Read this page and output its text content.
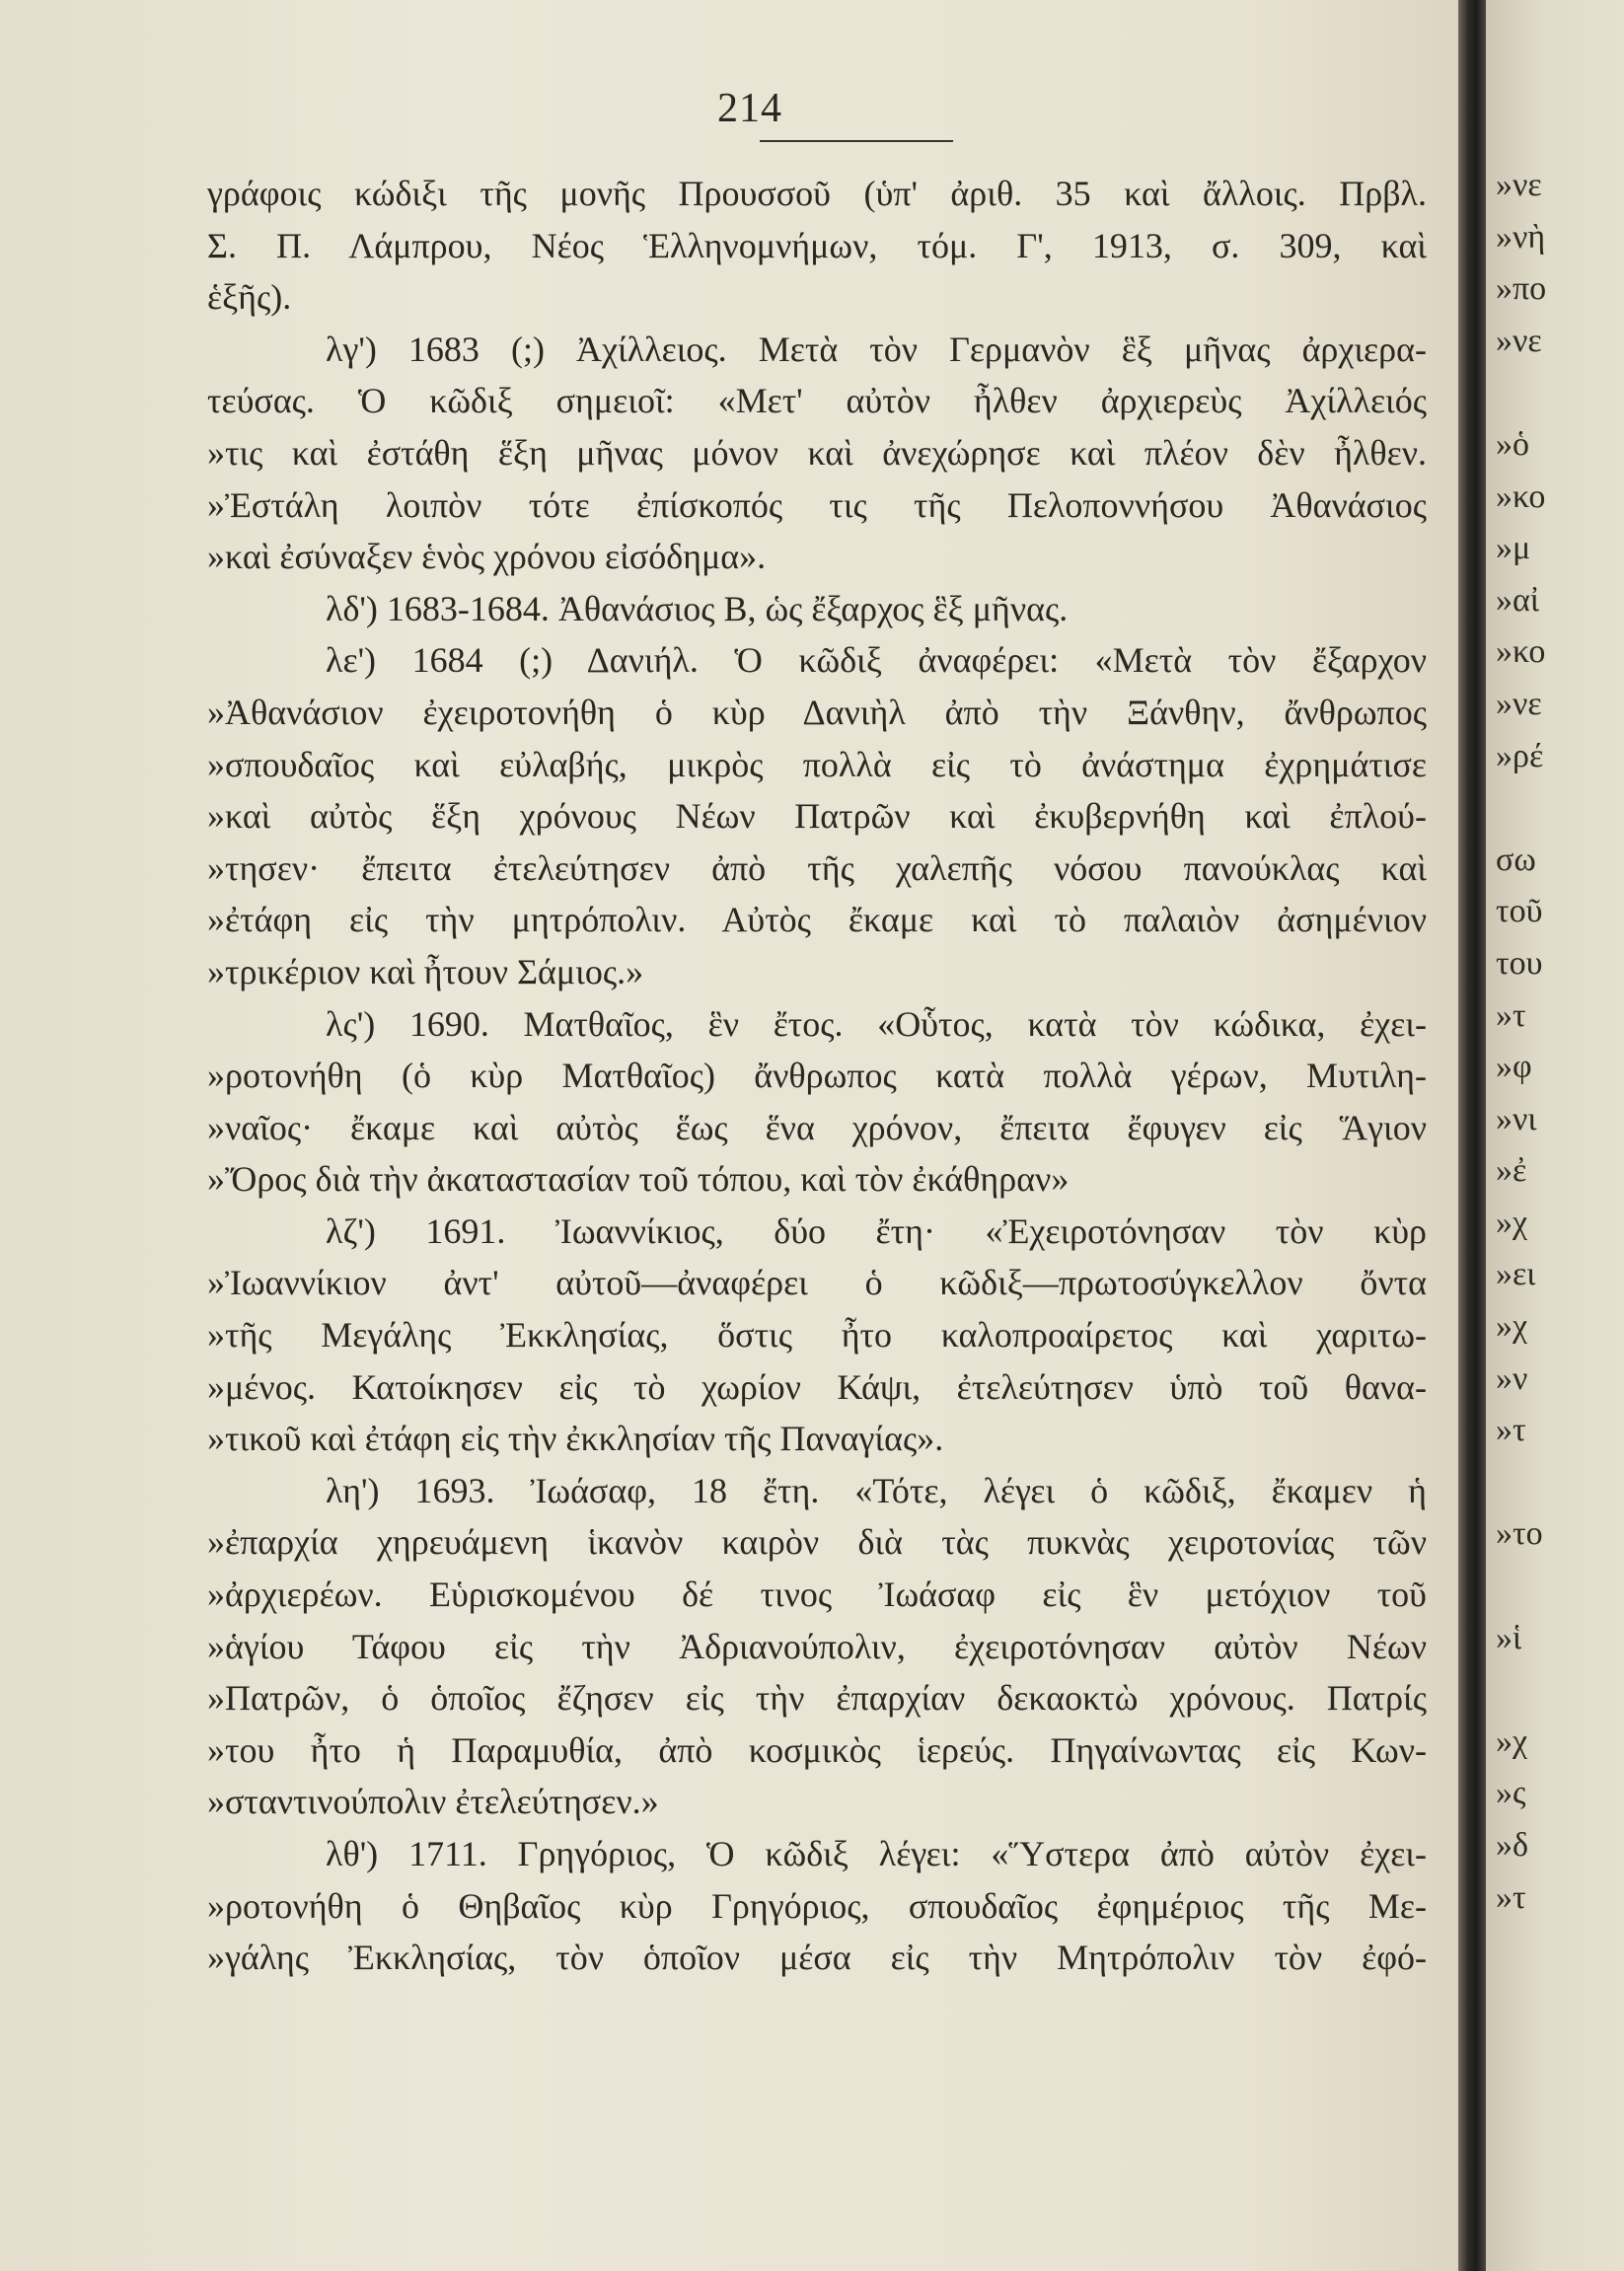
214
γράφοις κώδιξι τῆς μονῆς Προυσσοῦ (ὑπ' ἀριθ. 35 καὶ ἄλλοις. Πρβλ.
Σ. Π. Λάμπρου, Νέος Ἑλληνομνήμων, τόμ. Γ', 1913, σ. 309, καὶ
ἑξῆς).
λγ') 1683 (;) Ἀχίλλειος. Μετὰ τὸν Γερμανὸν ἓξ μῆνας ἀρχιερα-
τεύσας. Ὁ κῶδιξ σημειοῖ: «Μετ' αὐτὸν ἦλθεν ἀρχιερεὺς Ἀχίλλειός
»τις καὶ ἐστάθη ἕξη μῆνας μόνον καὶ ἀνεχώρησε καὶ πλέον δὲν ἦλθεν.
»Ἐστάλη λοιπὸν τότε ἐπίσκοπός τις τῆς Πελοποννήσου Ἀθανάσιος
»καὶ ἐσύναξεν ἑνὸς χρόνου εἰσόδημα».
λδ') 1683-1684. Ἀθανάσιος Β, ὡς ἔξαρχος ἓξ μῆνας.
λε') 1684 (;) Δανιήλ. Ὁ κῶδιξ ἀναφέρει: «Μετὰ τὸν ἔξαρχον
»Ἀθανάσιον ἐχειροτονήθη ὁ κὺρ Δανιὴλ ἀπὸ τὴν Ξάνθην, ἄνθρωπος
»σπουδαῖος καὶ εὐλαβής, μικρὸς πολλὰ εἰς τὸ ἀνάστημα ἐχρημάτισε
»καὶ αὐτὸς ἕξη χρόνους Νέων Πατρῶν καὶ ἐκυβερνήθη καὶ ἐπλού-
»τησεν· ἔπειτα ἐτελεύτησεν ἀπὸ τῆς χαλεπῆς νόσου πανούκλας καὶ
»ἐτάφη εἰς τὴν μητρόπολιν. Αὐτὸς ἔκαμε καὶ τὸ παλαιὸν ἀσημένιον
»τρικέριον καὶ ἦτουν Σάμιος.»
λς') 1690. Ματθαῖος, ἓν ἔτος. «Οὗτος, κατὰ τὸν κώδικα, ἐχει-
»ροτονήθη (ὁ κὺρ Ματθαῖος) ἄνθρωπος κατὰ πολλὰ γέρων, Μυτιλη-
»ναῖος· ἔκαμε καὶ αὐτὸς ἕως ἕνα χρόνον, ἔπειτα ἔφυγεν εἰς Ἅγιον
»Ὄρος διὰ τὴν ἀκαταστασίαν τοῦ τόπου, καὶ τὸν ἐκάθηραν»
λζ') 1691. Ἰωαννίκιος, δύο ἔτη· «Ἐχειροτόνησαν τὸν κὺρ
»Ἰωαννίκιον ἀντ' αὐτοῦ—ἀναφέρει ὁ κῶδιξ—πρωτοσύγκελλον ὄντα
»τῆς Μεγάλης Ἐκκλησίας, ὅστις ἦτο καλοπροαίρετος καὶ χαριτω-
»μένος. Κατοίκησεν εἰς τὸ χωρίον Κάψι, ἐτελεύτησεν ὑπὸ τοῦ θανα-
»τικοῦ καὶ ἐτάφη εἰς τὴν ἐκκλησίαν τῆς Παναγίας».
λη') 1693. Ἰωάσαφ, 18 ἔτη. «Τότε, λέγει ὁ κῶδιξ, ἔκαμεν ἡ
»ἐπαρχία χηρευάμενη ἱκανὸν καιρὸν διὰ τὰς πυκνὰς χειροτονίας τῶν
»ἀρχιερέων. Εὑρισκομένου δέ τινος Ἰωάσαφ εἰς ἓν μετόχιον τοῦ
»ἁγίου Τάφου εἰς τὴν Ἀδριανούπολιν, ἐχειροτόνησαν αὐτὸν Νέων
»Πατρῶν, ὁ ὁποῖος ἔζησεν εἰς τὴν ἐπαρχίαν δεκαοκτὼ χρόνους. Πατρίς
»του ἦτο ἡ Παραμυθία, ἀπὸ κοσμικὸς ἱερεύς. Πηγαίνωντας εἰς Κων-
»σταντινούπολιν ἐτελεύτησεν.»
λθ') 1711. Γρηγόριος, Ὁ κῶδιξ λέγει: «Ὕστερα ἀπὸ αὐτὸν ἐχει-
»ροτονήθη ὁ Θηβαῖος κὺρ Γρηγόριος, σπουδαῖος ἐφημέριος τῆς Με-
»γάλης Ἐκκλησίας, τὸν ὁποῖον μέσα εἰς τὴν Μητρόπολιν τὸν ἐφό-
»νε
»νὴ
»πο
»νε
»ὁ
»κο
»μ
»αἰ
»κο
»νε
»ρέ
σω
τοῦ
του
»τ
»φ
»νι
»ἐ
»χ
»ει
»χ
»ν
»τ
»το
»ἱ
»χ
»ς
»δ
»τ
